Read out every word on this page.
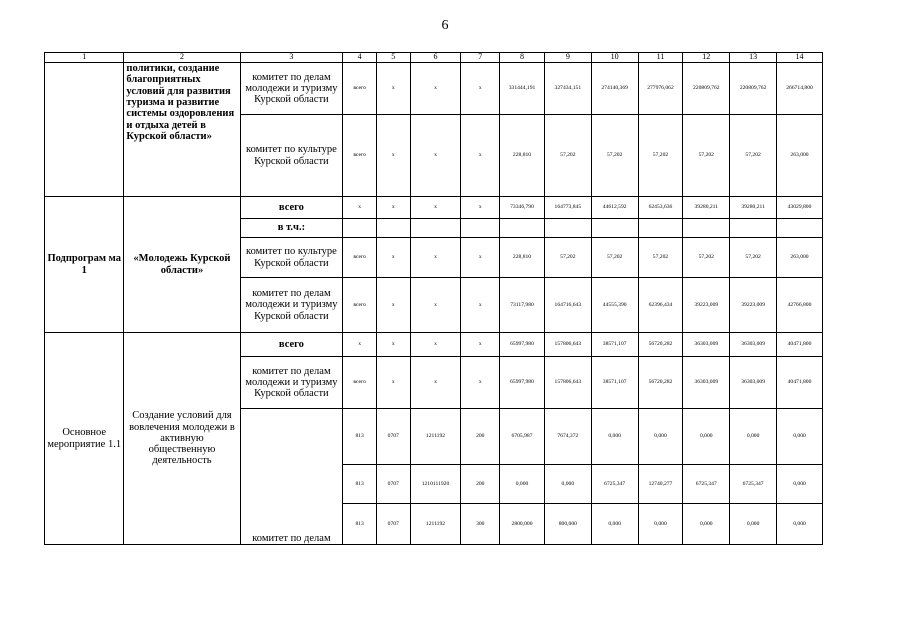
6
1	2	3	4	5	6	7	8	9	10	11	12	13	14
	политики, создание благоприятных условий для развития туризма и развитие системы оздоровления и отдыха детей в Курской области»	комитет по делам молодежи и туризму Курской области	всего	х	х	х	331444,191	327434,151	274140,369	277976,062	220809,762	220809,762	266714,800
		комитет по культуре Курской области	всего	х	х	х	228,810	57,202	57,202	57,202	57,202	57,202	263,000
Подпрограм ма 1	«Молодежь Курской области»	всего	х	х	х	х	73346,790	164773,845	44612,592	62453,636	39280,211	39280,211	43029,800
		в т.ч.:											
		комитет по культуре Курской области	всего	х	х	х	228,810	57,202	57,202	57,202	57,202	57,202	263,000
		комитет по делам молодежи и туризму Курской области	всего	х	х	х	73117,980	164716,643	44555,390	62396,434	39223,009	39223,009	42766,800
Основное мероприятие 1.1	Создание условий для вовлечения молодежи в активную общественную деятельность	всего	х	х	х	х	65997,980	157806,643	38571,107	56720,282	36303,009	36303,009	40471,800
		комитет по делам молодежи и туризму Курской области	всего	х	х	х	65997,980	157806,643	38571,107	56720,282	36303,009	36303,009	40471,800
		комитет по делам	813	0707	1211192	200	6705,987	7674,372	0,000	0,000	0,000	0,000	0,000
			813	0707	1210111920	200	0,000	0,000	6725,347	12740,277	6725,347	6725,347	0,000
			813	0707	1211192	300	2800,000	800,000	0,000	0,000	0,000	0,000	0,000
